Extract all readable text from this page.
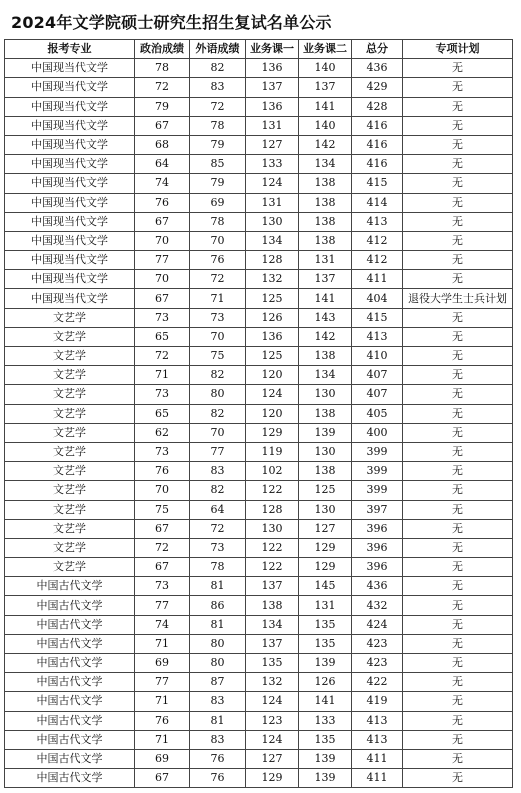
2024年文学院硕士研究生招生复试名单公示
报考专业	政治成绩	外语成绩	业务课一	业务课二	总分	专项计划
中国现当代文学	78	82	136	140	436	无
中国现当代文学	72	83	137	137	429	无
中国现当代文学	79	72	136	141	428	无
中国现当代文学	67	78	131	140	416	无
中国现当代文学	68	79	127	142	416	无
中国现当代文学	64	85	133	134	416	无
中国现当代文学	74	79	124	138	415	无
中国现当代文学	76	69	131	138	414	无
中国现当代文学	67	78	130	138	413	无
中国现当代文学	70	70	134	138	412	无
中国现当代文学	77	76	128	131	412	无
中国现当代文学	70	72	132	137	411	无
中国现当代文学	67	71	125	141	404	退役大学生士兵计划
文艺学	73	73	126	143	415	无
文艺学	65	70	136	142	413	无
文艺学	72	75	125	138	410	无
文艺学	71	82	120	134	407	无
文艺学	73	80	124	130	407	无
文艺学	65	82	120	138	405	无
文艺学	62	70	129	139	400	无
文艺学	73	77	119	130	399	无
文艺学	76	83	102	138	399	无
文艺学	70	82	122	125	399	无
文艺学	75	64	128	130	397	无
文艺学	67	72	130	127	396	无
文艺学	72	73	122	129	396	无
文艺学	67	78	122	129	396	无
中国古代文学	73	81	137	145	436	无
中国古代文学	77	86	138	131	432	无
中国古代文学	74	81	134	135	424	无
中国古代文学	71	80	137	135	423	无
中国古代文学	69	80	135	139	423	无
中国古代文学	77	87	132	126	422	无
中国古代文学	71	83	124	141	419	无
中国古代文学	76	81	123	133	413	无
中国古代文学	71	83	124	135	413	无
中国古代文学	69	76	127	139	411	无
中国古代文学	67	76	129	139	411	无
